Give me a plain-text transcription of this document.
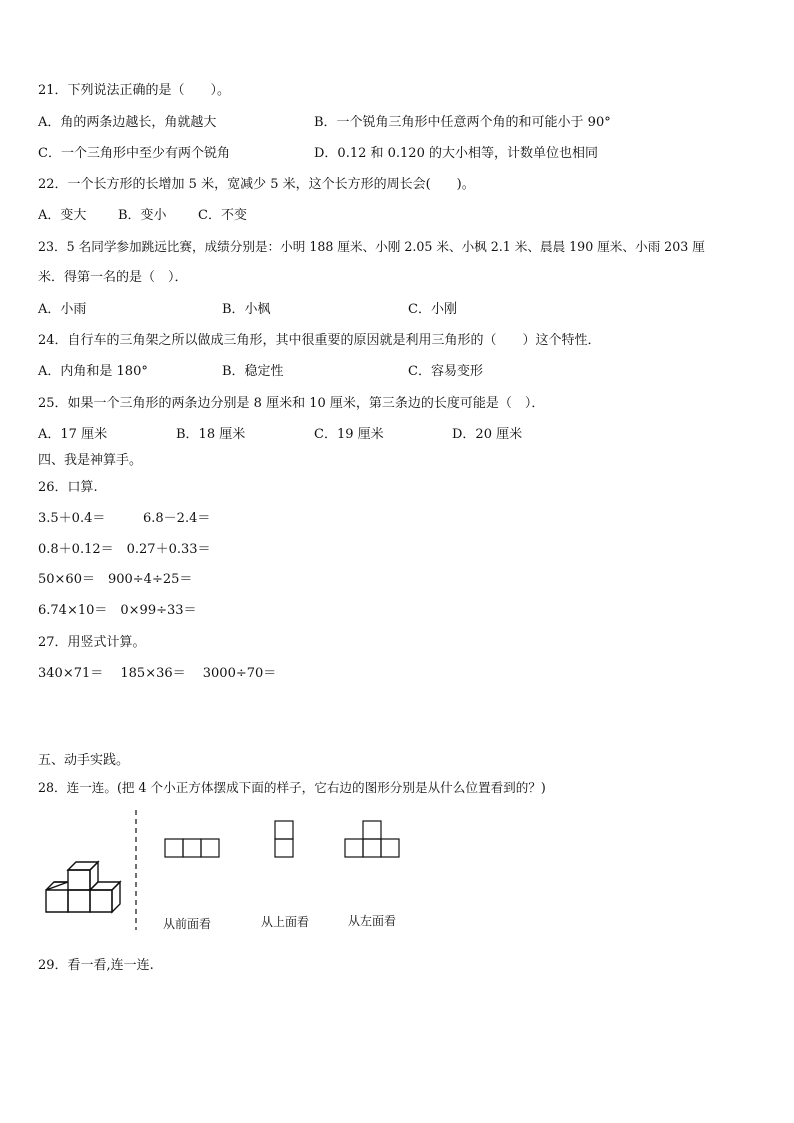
21．下列说法正确的是（　　）。
A．角的两条边越长，角就越大	B．一个锐角三角形中任意两个角的和可能小于 90°
C．一个三角形中至少有两个锐角	D．0.12 和 0.120 的大小相等，计数单位也相同
22．一个长方形的长增加 5 米，宽减少 5 米，这个长方形的周长会(　　)。
A．变大 B．变小 C．不变
23．5 名同学参加跳远比赛，成绩分别是：小明 188 厘米、小刚 2.05 米、小枫 2.1 米、晨晨 190 厘米、小雨 203 厘
米．得第一名的是（　）．
A．小雨	B．小枫	C．小刚
24．自行车的三角架之所以做成三角形，其中很重要的原因就是利用三角形的（　　）这个特性．
A．内角和是 180°	B．稳定性	C．容易变形
25．如果一个三角形的两条边分别是 8 厘米和 10 厘米，第三条边的长度可能是（　）．
A．17 厘米	B．18 厘米	C．19 厘米	D．20 厘米
四、我是神算手。
26．口算.
3.5＋0.4＝	6.8－2.4＝
0.8＋0.12＝　0.27＋0.33＝
50×60＝　900÷4÷25＝
6.74×10＝　0×99÷33＝
27．用竖式计算。
340×71＝　 185×36＝　 3000÷70＝
五、动手实践。
28．连一连。(把 4 个小正方体摆成下面的样子，它右边的图形分别是从什么位置看到的？)
从前面看	从上面看	从左面看
29．看一看,连一连.
